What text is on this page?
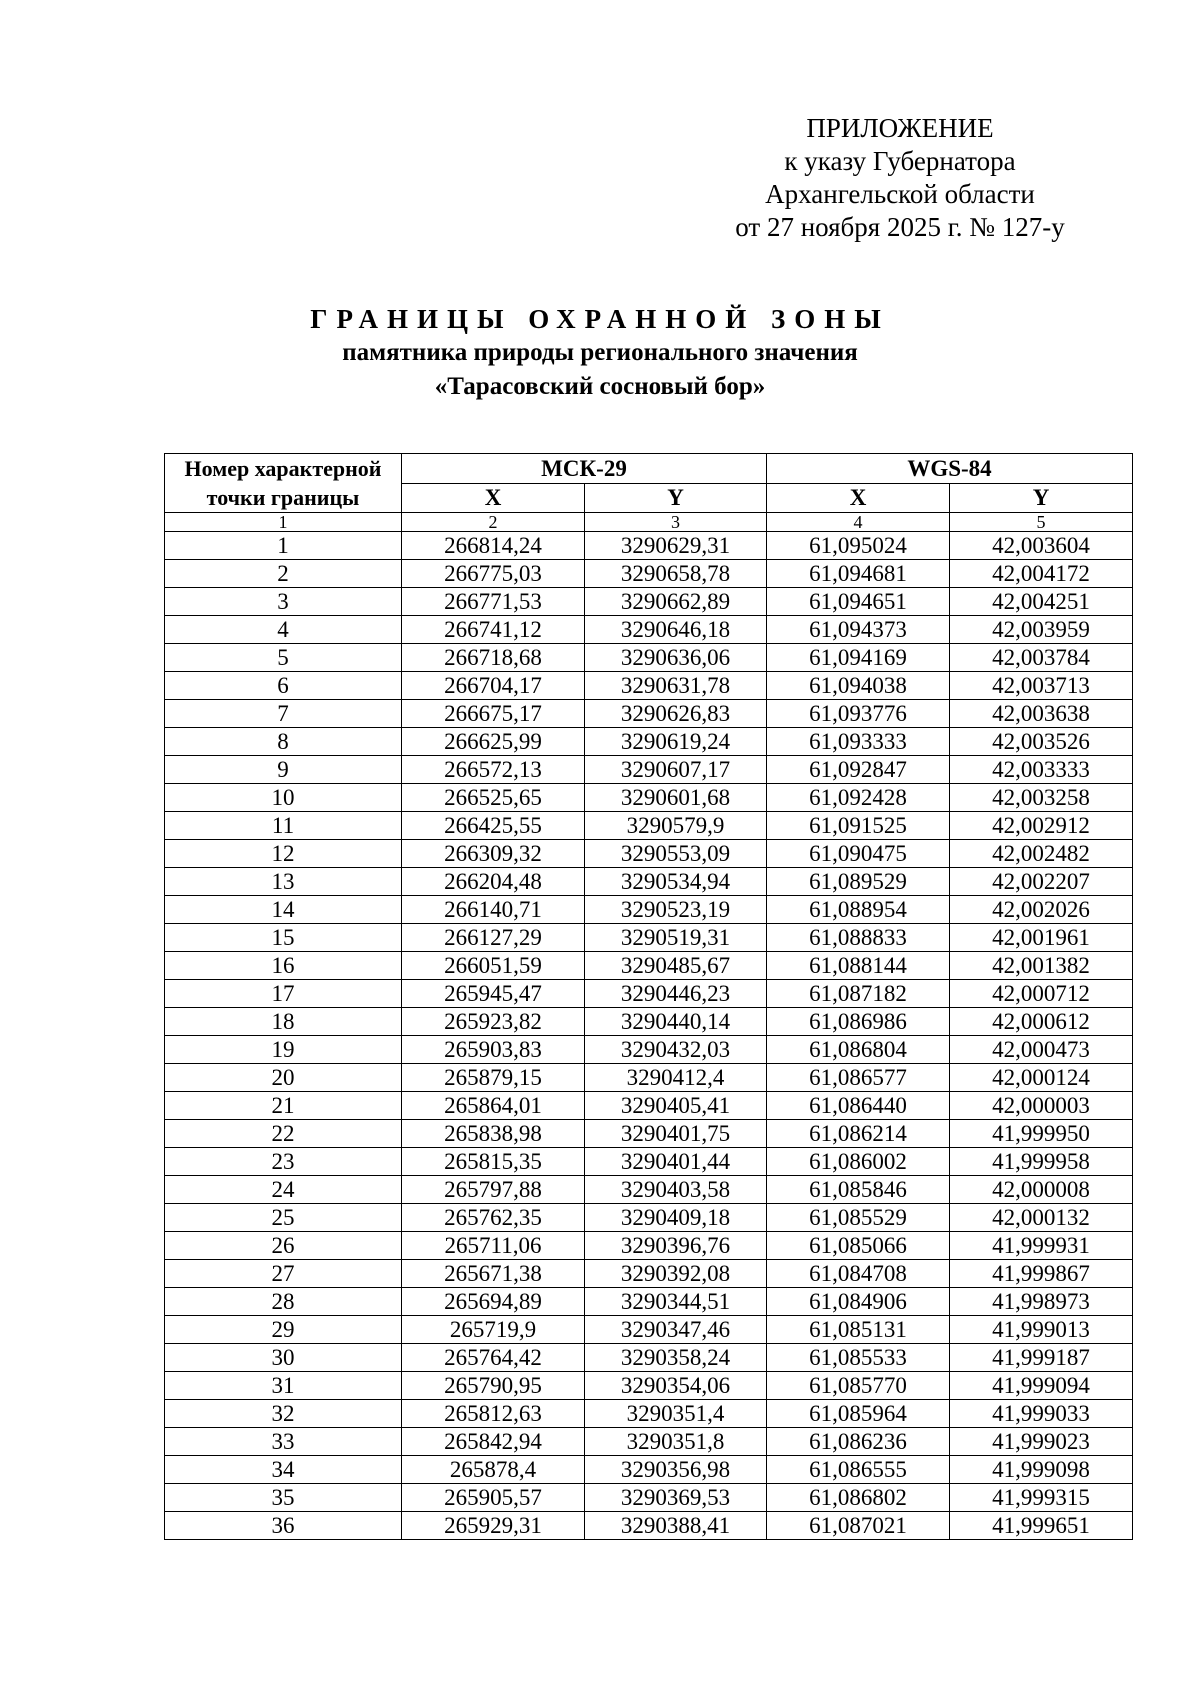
ПРИЛОЖЕНИЕ
к указу Губернатора
Архангельской области
от 27 ноября 2025 г. № 127-у
ГРАНИЦЫ ОХРАННОЙ ЗОНЫ
памятника природы регионального значения
«Тарасовский сосновый бор»
Номер характерной точки границы	МСК-29		WGS-84	
	X	Y	X	Y
1	2	3	4	5
1	266814,24	3290629,31	61,095024	42,003604
2	266775,03	3290658,78	61,094681	42,004172
3	266771,53	3290662,89	61,094651	42,004251
4	266741,12	3290646,18	61,094373	42,003959
5	266718,68	3290636,06	61,094169	42,003784
6	266704,17	3290631,78	61,094038	42,003713
7	266675,17	3290626,83	61,093776	42,003638
8	266625,99	3290619,24	61,093333	42,003526
9	266572,13	3290607,17	61,092847	42,003333
10	266525,65	3290601,68	61,092428	42,003258
11	266425,55	3290579,9	61,091525	42,002912
12	266309,32	3290553,09	61,090475	42,002482
13	266204,48	3290534,94	61,089529	42,002207
14	266140,71	3290523,19	61,088954	42,002026
15	266127,29	3290519,31	61,088833	42,001961
16	266051,59	3290485,67	61,088144	42,001382
17	265945,47	3290446,23	61,087182	42,000712
18	265923,82	3290440,14	61,086986	42,000612
19	265903,83	3290432,03	61,086804	42,000473
20	265879,15	3290412,4	61,086577	42,000124
21	265864,01	3290405,41	61,086440	42,000003
22	265838,98	3290401,75	61,086214	41,999950
23	265815,35	3290401,44	61,086002	41,999958
24	265797,88	3290403,58	61,085846	42,000008
25	265762,35	3290409,18	61,085529	42,000132
26	265711,06	3290396,76	61,085066	41,999931
27	265671,38	3290392,08	61,084708	41,999867
28	265694,89	3290344,51	61,084906	41,998973
29	265719,9	3290347,46	61,085131	41,999013
30	265764,42	3290358,24	61,085533	41,999187
31	265790,95	3290354,06	61,085770	41,999094
32	265812,63	3290351,4	61,085964	41,999033
33	265842,94	3290351,8	61,086236	41,999023
34	265878,4	3290356,98	61,086555	41,999098
35	265905,57	3290369,53	61,086802	41,999315
36	265929,31	3290388,41	61,087021	41,999651
